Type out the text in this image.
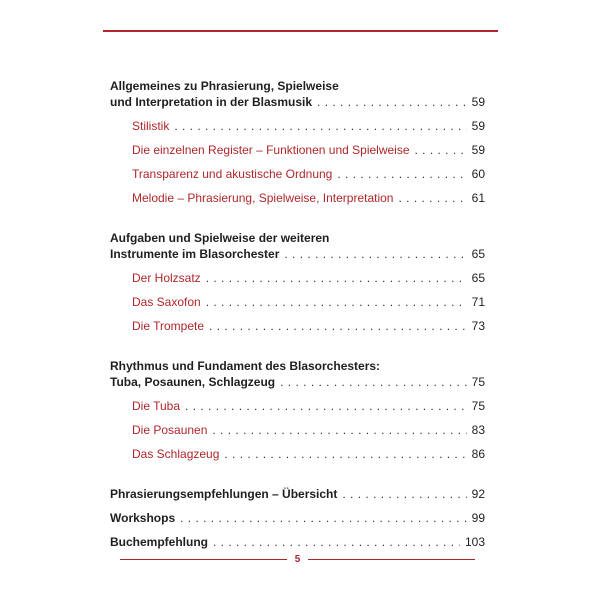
Allgemeines zu Phrasierung, Spielweise
und Interpretation in der Blasmusik . . .	59
Stilistik . . .	59
Die einzelnen Register – Funktionen und Spielweise . . .	59
Transparenz und akustische Ordnung . . .	60
Melodie – Phrasierung, Spielweise, Interpretation . . .	61
Aufgaben und Spielweise der weiteren
Instrumente im Blasorchester . . .	65
Der Holzsatz . . .	65
Das Saxofon . . .	71
Die Trompete . . .	73
Rhythmus und Fundament des Blasorchesters:
Tuba, Posaunen, Schlagzeug . . .	75
Die Tuba . . .	75
Die Posaunen . . .	83
Das Schlagzeug . . .	86
Phrasierungsempfehlungen – Übersicht . . .	92
Workshops . . .	99
Buchempfehlung . . .	103
5
